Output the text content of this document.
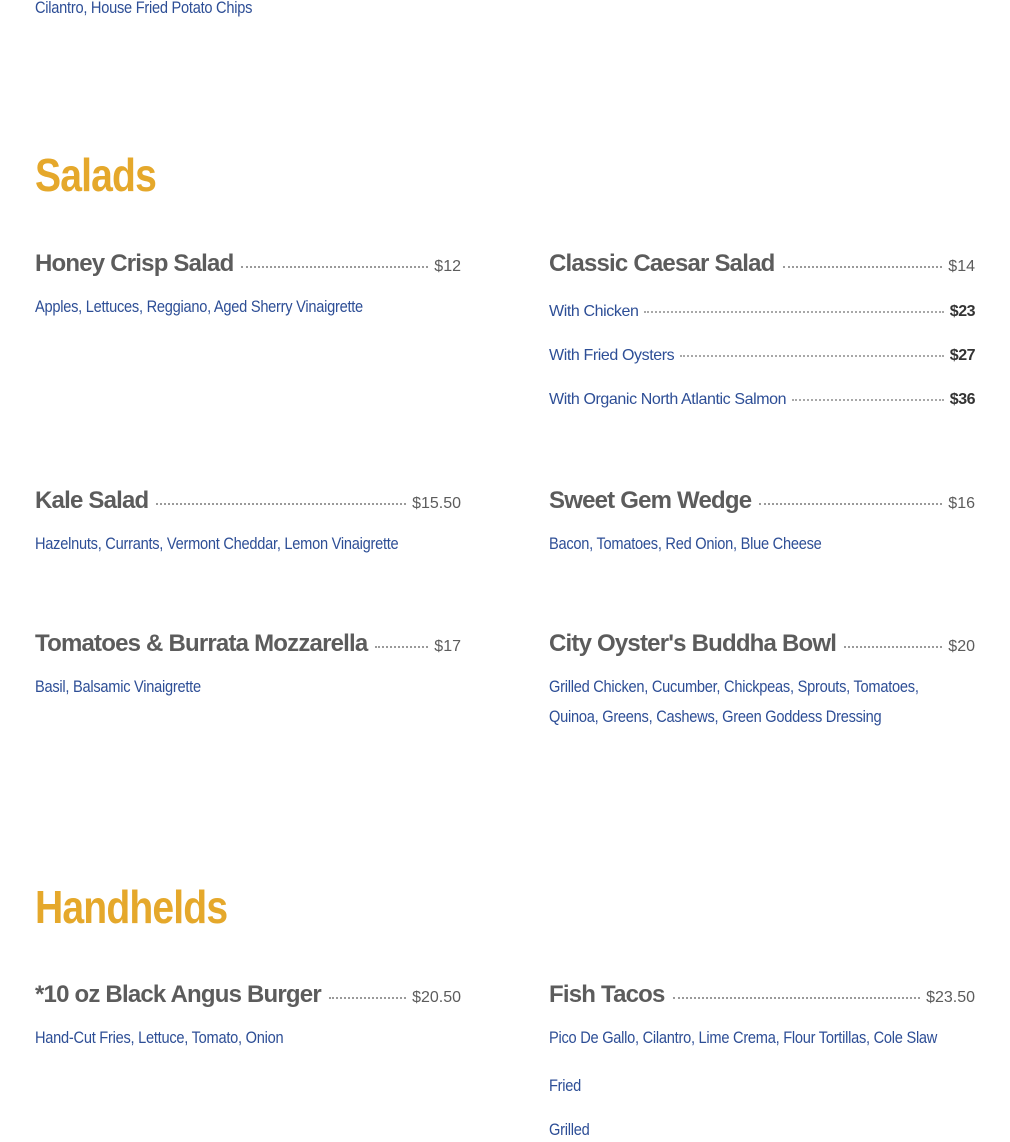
Cilantro, House Fried Potato Chips
Salads
Honey Crisp Salad	$12
Apples, Lettuces, Reggiano, Aged Sherry Vinaigrette
Classic Caesar Salad	$14
With Chicken	$23
With Fried Oysters	$27
With Organic North Atlantic Salmon	$36
Kale Salad	$15.50
Hazelnuts, Currants, Vermont Cheddar, Lemon Vinaigrette
Sweet Gem Wedge	$16
Bacon, Tomatoes, Red Onion, Blue Cheese
Tomatoes & Burrata Mozzarella	$17
Basil, Balsamic Vinaigrette
City Oyster's Buddha Bowl	$20
Grilled Chicken, Cucumber, Chickpeas, Sprouts, Tomatoes,
Quinoa, Greens, Cashews, Green Goddess Dressing
Handhelds
*10 oz Black Angus Burger	$20.50
Hand-Cut Fries, Lettuce, Tomato, Onion
Fish Tacos	$23.50
Pico De Gallo, Cilantro, Lime Crema, Flour Tortillas, Cole Slaw
Fried
Grilled
